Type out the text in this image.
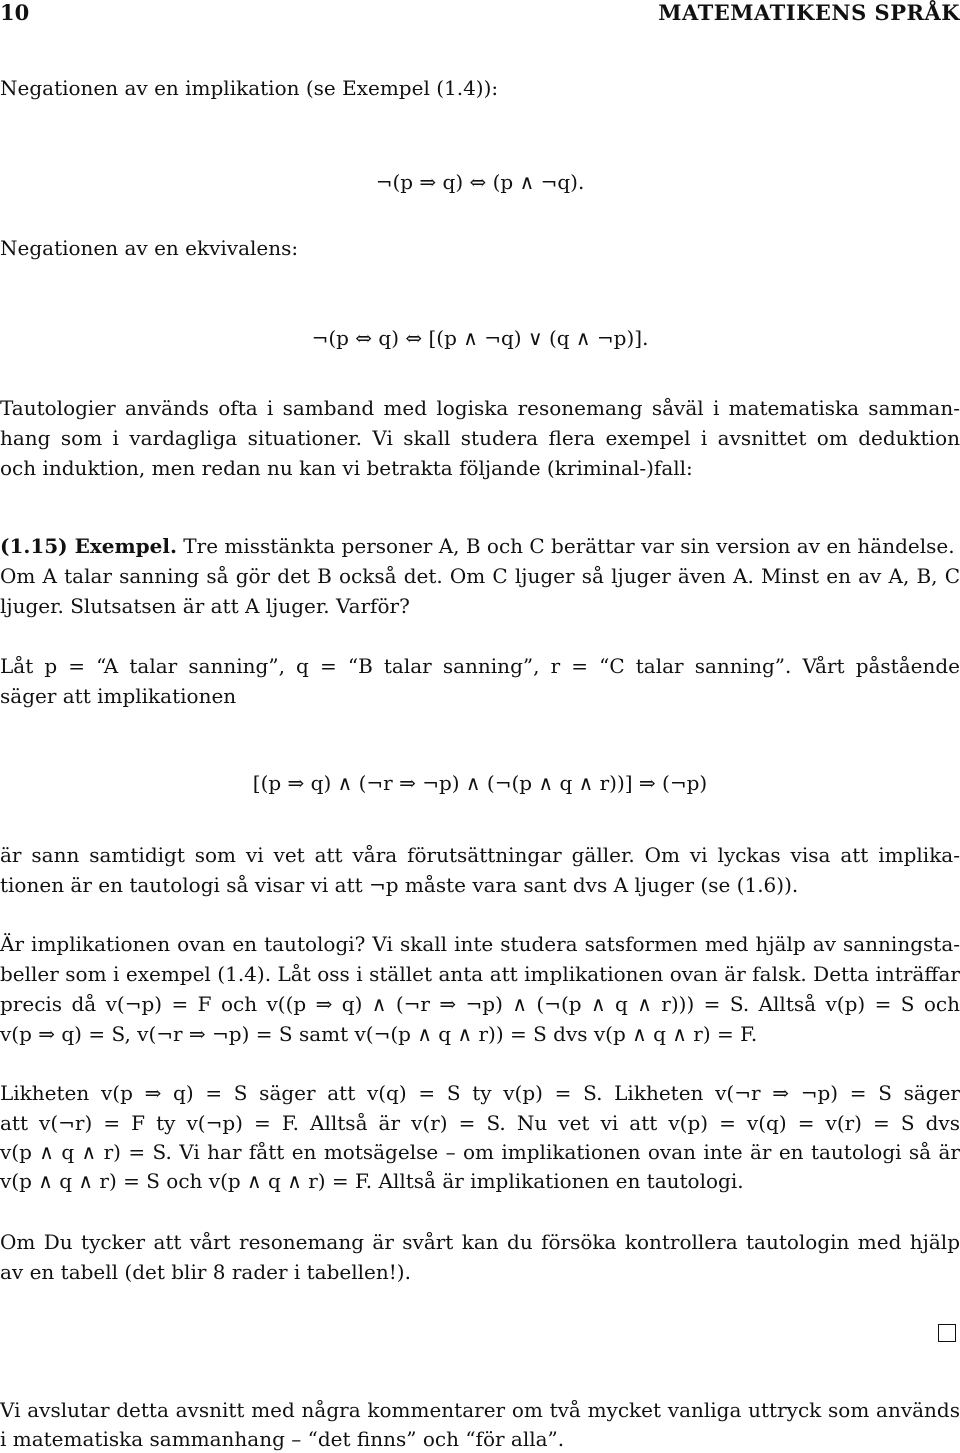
10	MATEMATIKENS SPRÅK
Negationen av en implikation (se Exempel (1.4)):
¬(p ⇒ q) ⇔ (p ∧ ¬q).
Negationen av en ekvivalens:
¬(p ⇔ q) ⇔ [(p ∧ ¬q) ∨ (q ∧ ¬p)].
Tautologier används ofta i samband med logiska resonemang såväl i matematiska samman-
hang som i vardagliga situationer. Vi skall studera flera exempel i avsnittet om deduktion
och induktion, men redan nu kan vi betrakta följande (kriminal-)fall:
(1.15) Exempel. Tre misstänkta personer A, B och C berättar var sin version av en händelse.
Om A talar sanning så gör det B också det. Om C ljuger så ljuger även A. Minst en av A, B, C
ljuger. Slutsatsen är att A ljuger. Varför?
Låt p = “A talar sanning”, q = “B talar sanning”, r = “C talar sanning”. Vårt påstående
säger att implikationen
[(p ⇒ q) ∧ (¬r ⇒ ¬p) ∧ (¬(p ∧ q ∧ r))] ⇒ (¬p)
är sann samtidigt som vi vet att våra förutsättningar gäller. Om vi lyckas visa att implika-
tionen är en tautologi så visar vi att ¬p måste vara sant dvs A ljuger (se (1.6)).
Är implikationen ovan en tautologi? Vi skall inte studera satsformen med hjälp av sanningsta-
beller som i exempel (1.4). Låt oss i stället anta att implikationen ovan är falsk. Detta inträffar
precis då v(¬p) = F och v((p ⇒ q) ∧ (¬r ⇒ ¬p) ∧ (¬(p ∧ q ∧ r))) = S. Alltså v(p) = S och
v(p ⇒ q) = S, v(¬r ⇒ ¬p) = S samt v(¬(p ∧ q ∧ r)) = S dvs v(p ∧ q ∧ r) = F.
Likheten v(p ⇒ q) = S säger att v(q) = S ty v(p) = S. Likheten v(¬r ⇒ ¬p) = S säger
att v(¬r) = F ty v(¬p) = F. Alltså är v(r) = S. Nu vet vi att v(p) = v(q) = v(r) = S dvs
v(p ∧ q ∧ r) = S. Vi har fått en motsägelse – om implikationen ovan inte är en tautologi så är
v(p ∧ q ∧ r) = S och v(p ∧ q ∧ r) = F. Alltså är implikationen en tautologi.
Om Du tycker att vårt resonemang är svårt kan du försöka kontrollera tautologin med hjälp
av en tabell (det blir 8 rader i tabellen!).
Vi avslutar detta avsnitt med några kommentarer om två mycket vanliga uttryck som används
i matematiska sammanhang – “det finns” och “för alla”.
